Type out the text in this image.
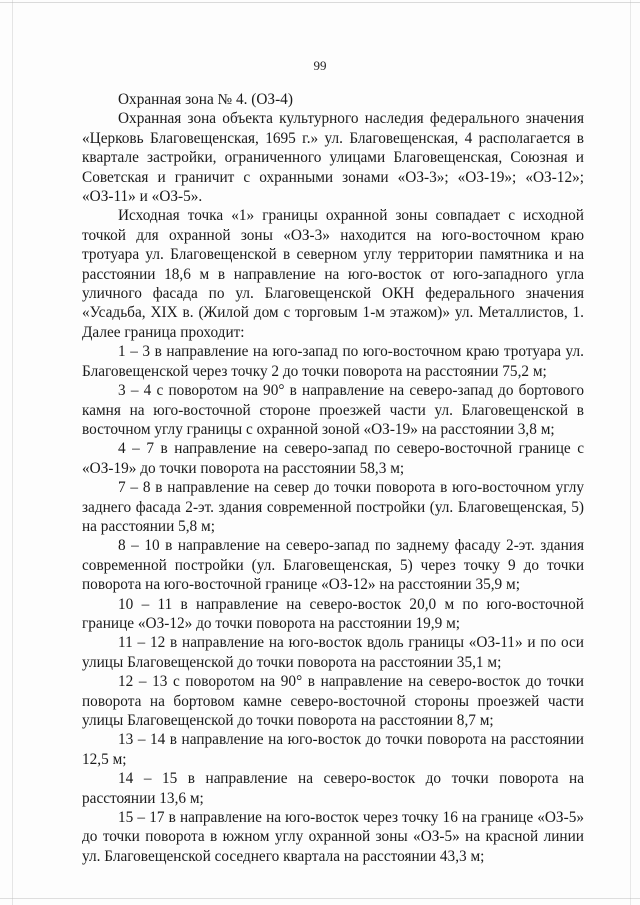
99

Охранная зона № 4. (ОЗ-4)

Охранная зона объекта культурного наследия федерального значения «Церковь Благовещенская, 1695 г.» ул. Благовещенская, 4 располагается в квартале застройки, ограниченного улицами Благовещенская, Союзная и Советская и граничит с охранными зонами «ОЗ-3»; «ОЗ-19»; «ОЗ-12»; «ОЗ-11» и «ОЗ-5».

Исходная точка «1» границы охранной зоны совпадает с исходной точкой для охранной зоны «ОЗ-3» находится на юго-восточном краю тротуара ул. Благовещенской в северном углу территории памятника и на расстоянии 18,6 м в направление на юго-восток от юго-западного угла уличного фасада по ул. Благовещенской ОКН федерального значения «Усадьба, XIX в. (Жилой дом с торговым 1-м этажом)» ул. Металлистов, 1. Далее граница проходит:

1 – 3 в направление на юго-запад по юго-восточном краю тротуара ул. Благовещенской через точку 2 до точки поворота на расстоянии 75,2 м;

3 – 4 с поворотом на 90° в направление на северо-запад до бортового камня на юго-восточной стороне проезжей части ул. Благовещенской в восточном углу границы с охранной зоной «ОЗ-19» на расстоянии 3,8 м;

4 – 7 в направление на северо-запад по северо-восточной границе с «ОЗ-19» до точки поворота на расстоянии 58,3 м;

7 – 8 в направление на север до точки поворота в юго-восточном углу заднего фасада 2-эт. здания современной постройки (ул. Благовещенская, 5) на расстоянии 5,8 м;

8 – 10 в направление на северо-запад по заднему фасаду 2-эт. здания современной постройки (ул. Благовещенская, 5) через точку 9 до точки поворота на юго-восточной границе «ОЗ-12» на расстоянии 35,9 м;

10 – 11 в направление на северо-восток 20,0 м по юго-восточной границе «ОЗ-12» до точки поворота на расстоянии 19,9 м;

11 – 12 в направление на юго-восток вдоль границы «ОЗ-11» и по оси улицы Благовещенской до точки поворота на расстоянии 35,1 м;

12 – 13 с поворотом на 90° в направление на северо-восток до точки поворота на бортовом камне северо-восточной стороны проезжей части улицы Благовещенской до точки поворота на расстоянии 8,7 м;

13 – 14 в направление на юго-восток до точки поворота на расстоянии 12,5 м;

14 – 15 в направление на северо-восток до точки поворота на расстоянии 13,6 м;

15 – 17 в направление на юго-восток через точку 16 на границе «ОЗ-5» до точки поворота в южном углу охранной зоны «ОЗ-5» на красной линии ул. Благовещенской соседнего квартала на расстоянии 43,3 м;
